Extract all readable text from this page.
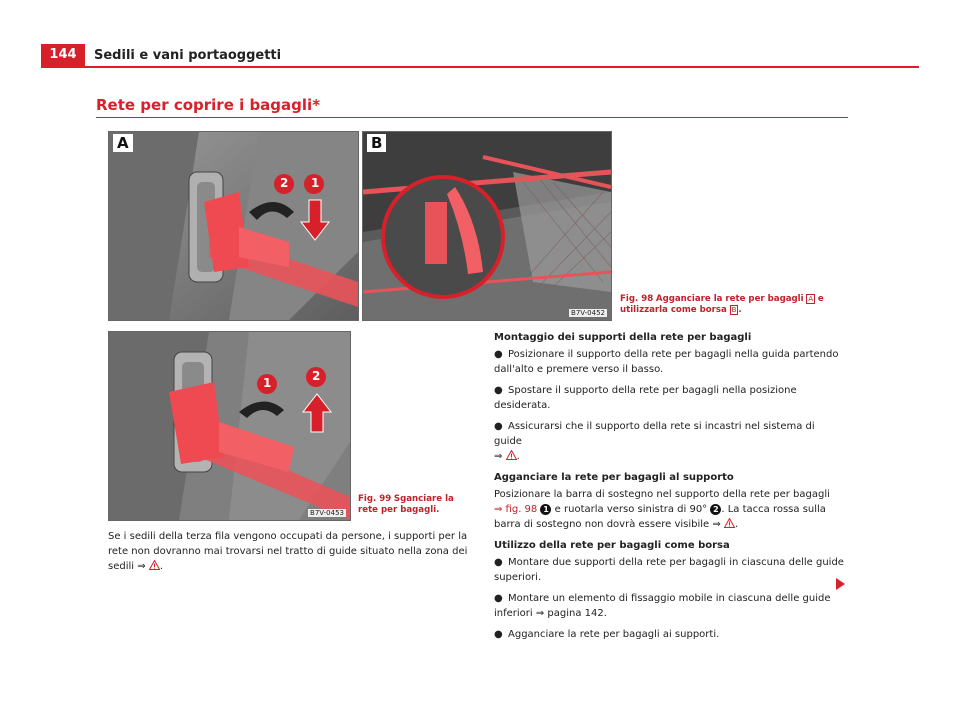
144	Sedili e vani portaoggetti
Rete per coprire i bagagli*
A
2 1
B
B7V-0452
Fig. 98 Agganciare la rete per bagagli A e utilizzarla come borsa B .
1	2
B7V-0453
Fig. 99 Sganciare la rete per bagagli.

Se i sedili della terza fila vengono occupati da persone, i supporti per la rete non dovranno mai trovarsi nel tratto di guide situato nella zona dei sedili ⇒ .

Montaggio dei supporti della rete per bagagli

● Posizionare il supporto della rete per bagagli nella guida partendo dall'alto e premere verso il basso.

● Spostare il supporto della rete per bagagli nella posizione desiderata.

● Assicurarsi che il supporto della rete si incastri nel sistema di guide
⇒ .

Agganciare la rete per bagagli al supporto

Posizionare la barra di sostegno nel supporto della rete per bagagli
⇒ fig. 98 1 e ruotarla verso sinistra di 90° 2 . La tacca rossa sulla barra di sostegno non dovrà essere visibile ⇒ .

Utilizzo della rete per bagagli come borsa

● Montare due supporti della rete per bagagli in ciascuna delle guide superiori.

● Montare un elemento di fissaggio mobile in ciascuna delle guide inferiori ⇒ pagina 142.

● Agganciare la rete per bagagli ai supporti.
